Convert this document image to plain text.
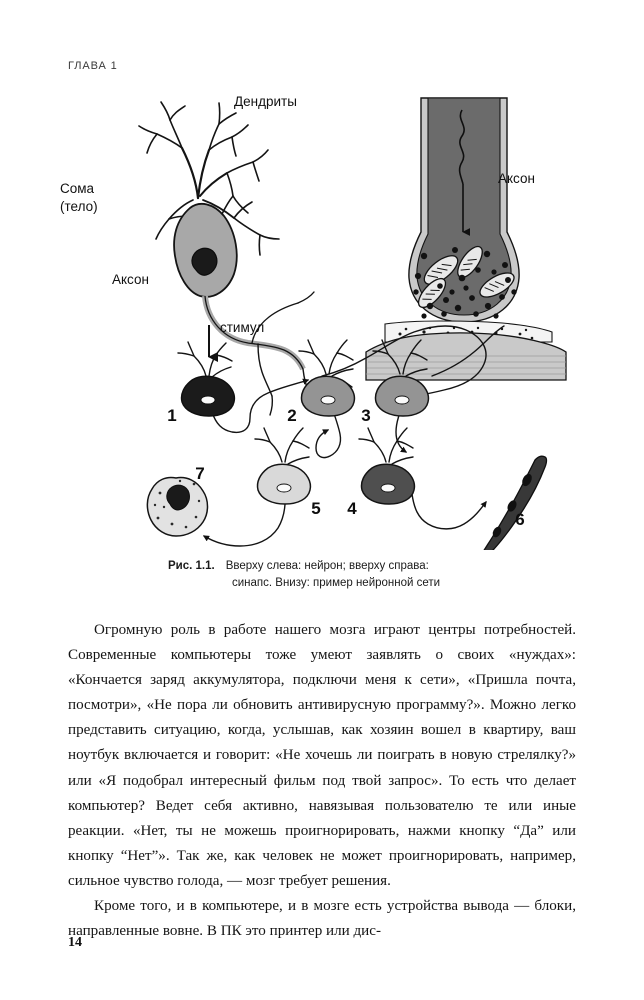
ГЛАВА 1
Дендриты
Сома
(тело)
Аксон
Аксон
стимул
1	2	3
5 4
7
6
Рис. 1.1. Вверху слева: нейрон; вверху справа:
синапс. Внизу: пример нейронной сети

Огромную роль в работе нашего мозга играют центры потребностей. Современные компьютеры тоже умеют заявлять о своих «нуждах»: «Кончается заряд аккумулятора, подключи меня к сети», «Пришла почта, посмотри», «Не пора ли обновить антивирусную программу?». Можно легко представить ситуацию, когда, услышав, как хозяин вошел в квартиру, ваш ноутбук включается и говорит: «Не хочешь ли поиграть в новую стрелялку?» или «Я подобрал интересный фильм под твой запрос». То есть что делает компьютер? Ведет себя активно, навязывая пользователю те или иные реакции. «Нет, ты не можешь проигнорировать, нажми кнопку “Да” или кнопку “Нет”». Так же, как человек не может проигнорировать, например, сильное чувство голода, — мозг требует решения.

Кроме того, и в компьютере, и в мозге есть устройства вывода — блоки, направленные вовне. В ПК это принтер или дис-

14
